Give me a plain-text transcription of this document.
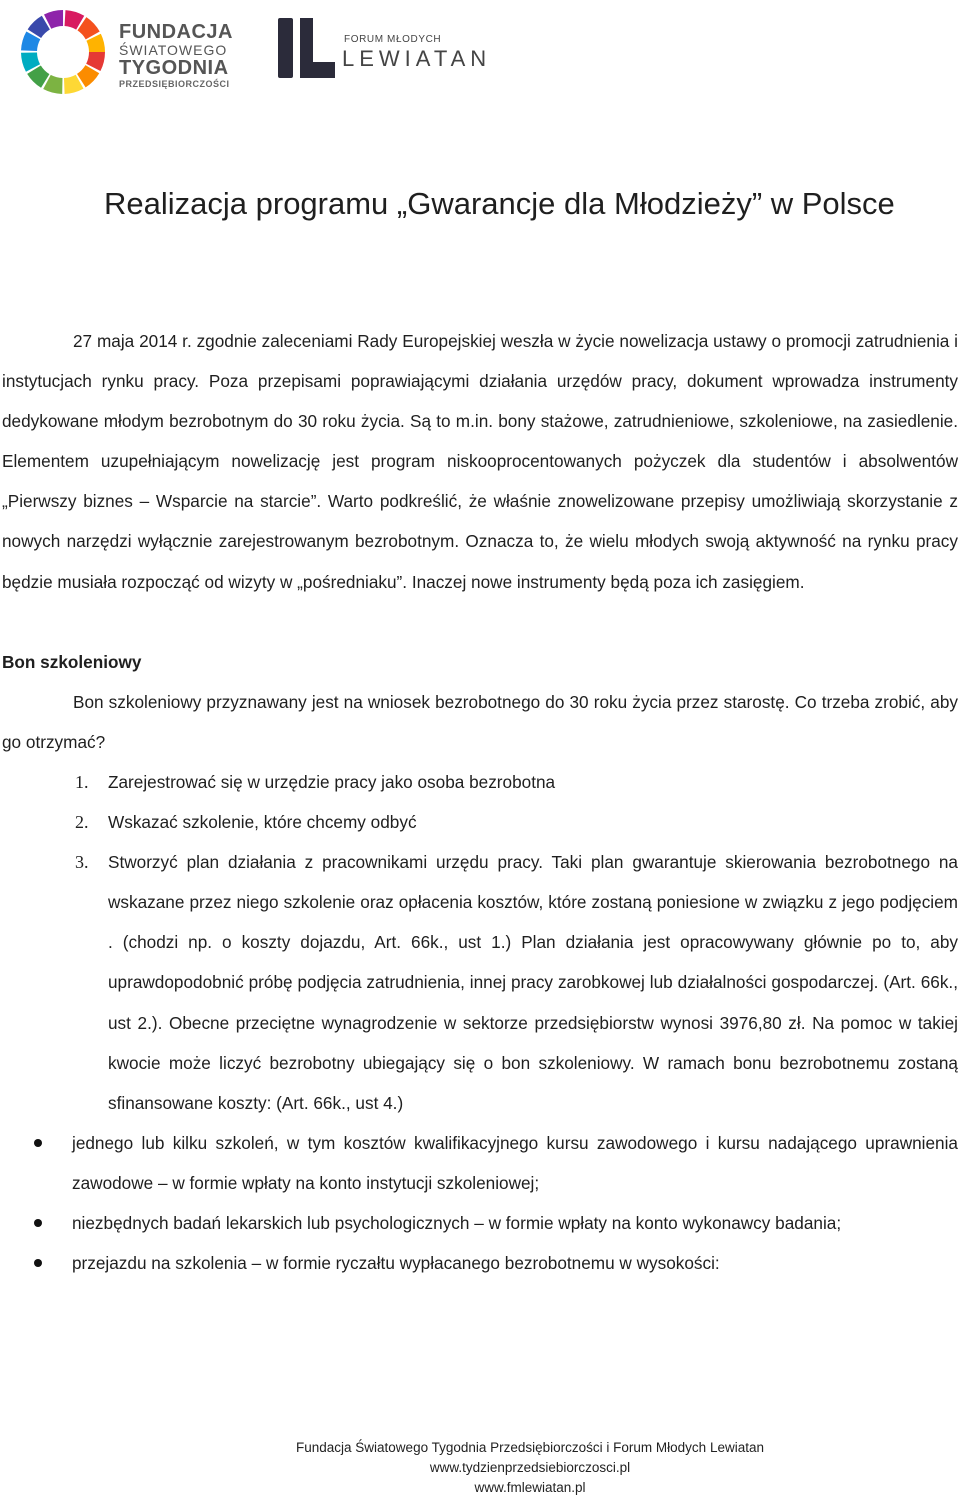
FUNDACJA
ŚWIATOWEGO
TYGODNIA
PRZEDSIĘBIORCZOŚCI
FORUM MŁODYCH
LEWIATAN
Realizacja programu „Gwarancje dla Młodzieży” w Polsce

27 maja 2014 r. zgodnie zaleceniami Rady Europejskiej weszła w życie nowelizacja ustawy o promocji zatrudnienia i instytucjach rynku pracy. Poza przepisami poprawiającymi działania urzędów pracy, dokument wprowadza instrumenty dedykowane młodym bezrobotnym do 30 roku życia. Są to m.in. bony stażowe, zatrudnieniowe, szkoleniowe, na zasiedlenie. Elementem uzupełniającym nowelizację jest program niskooprocentowanych pożyczek dla studentów i absolwentów „Pierwszy biznes – Wsparcie na starcie”. Warto podkreślić, że właśnie znowelizowane przepisy umożliwiają skorzystanie z nowych narzędzi wyłącznie zarejestrowanym bezrobotnym. Oznacza to, że wielu młodych swoją aktywność na rynku pracy będzie musiała rozpocząć od wizyty w „pośredniaku”. Inaczej nowe instrumenty będą poza ich zasięgiem.

Bon szkoleniowy

Bon szkoleniowy przyznawany jest na wniosek bezrobotnego do 30 roku życia przez starostę. Co trzeba zrobić, aby go otrzymać?

1. Zarejestrować się w urzędzie pracy jako osoba bezrobotna
2. Wskazać szkolenie, które chcemy odbyć
3. Stworzyć plan działania z pracownikami urzędu pracy. Taki plan gwarantuje skierowania bezrobotnego na wskazane przez niego szkolenie oraz opłacenia kosztów, które zostaną poniesione w związku z jego podjęciem . (chodzi np. o koszty dojazdu, Art. 66k., ust 1.) Plan działania jest opracowywany głównie po to, aby uprawdopodobnić próbę podjęcia zatrudnienia, innej pracy zarobkowej lub działalności gospodarczej. (Art. 66k., ust 2.). Obecne przeciętne wynagrodzenie w sektorze przedsiębiorstw wynosi 3976,80 zł. Na pomoc w takiej kwocie może liczyć bezrobotny ubiegający się o bon szkoleniowy. W ramach bonu bezrobotnemu zostaną sfinansowane koszty: (Art. 66k., ust 4.)
jednego lub kilku szkoleń, w tym kosztów kwalifikacyjnego kursu zawodowego i kursu nadającego uprawnienia zawodowe – w formie wpłaty na konto instytucji szkoleniowej;
niezbędnych badań lekarskich lub psychologicznych – w formie wpłaty na konto wykonawcy badania;
przejazdu na szkolenia – w formie ryczałtu wypłacanego bezrobotnemu w wysokości:
Fundacja Światowego Tygodnia Przedsiębiorczości i Forum Młodych Lewiatan
www.tydzienprzedsiebiorczosci.pl
www.fmlewiatan.pl
